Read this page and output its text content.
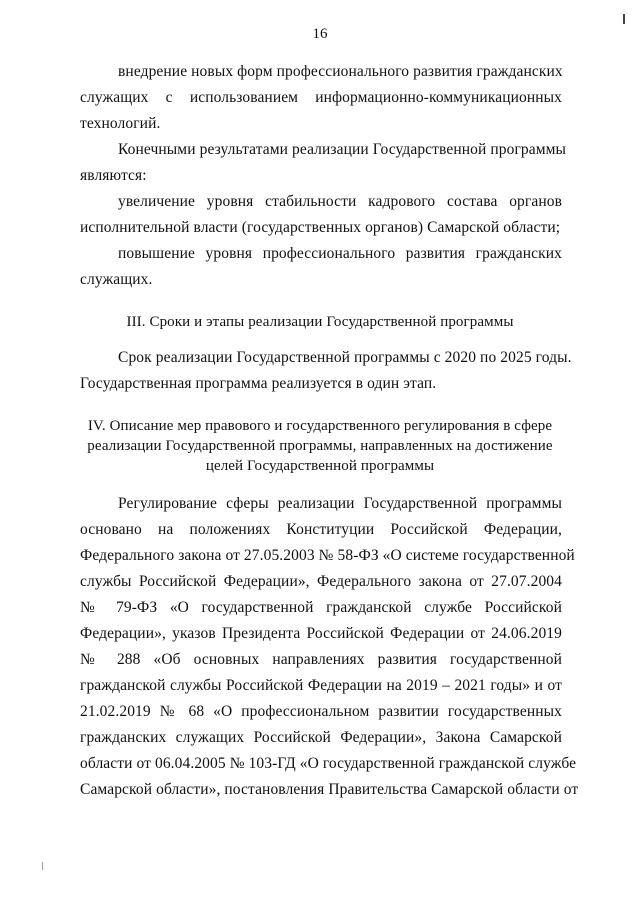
16
внедрение новых форм профессионального развития гражданских
служащих с использованием информационно-коммуникационных
технологий.
Конечными результатами реализации Государственной программы
являются:
увеличение уровня стабильности кадрового состава органов
исполнительной власти (государственных органов) Самарской области;
повышение уровня профессионального развития гражданских
служащих.
III. Сроки и этапы реализации Государственной программы
Срок реализации Государственной программы с 2020 по 2025 годы.
Государственная программа реализуется в один этап.
IV. Описание мер правового и государственного регулирования в сфере
реализации Государственной программы, направленных на достижение
целей Государственной программы
Регулирование сферы реализации Государственной программы
основано на положениях Конституции Российской Федерации,
Федерального закона от 27.05.2003 № 58-ФЗ «О системе государственной
службы Российской Федерации», Федерального закона от 27.07.2004
№ 79-ФЗ «О государственной гражданской службе Российской
Федерации», указов Президента Российской Федерации от 24.06.2019
№ 288 «Об основных направлениях развития государственной
гражданской службы Российской Федерации на 2019 – 2021 годы» и от
21.02.2019 № 68 «О профессиональном развитии государственных
гражданских служащих Российской Федерации», Закона Самарской
области от 06.04.2005 № 103-ГД «О государственной гражданской службе
Самарской области», постановления Правительства Самарской области от
